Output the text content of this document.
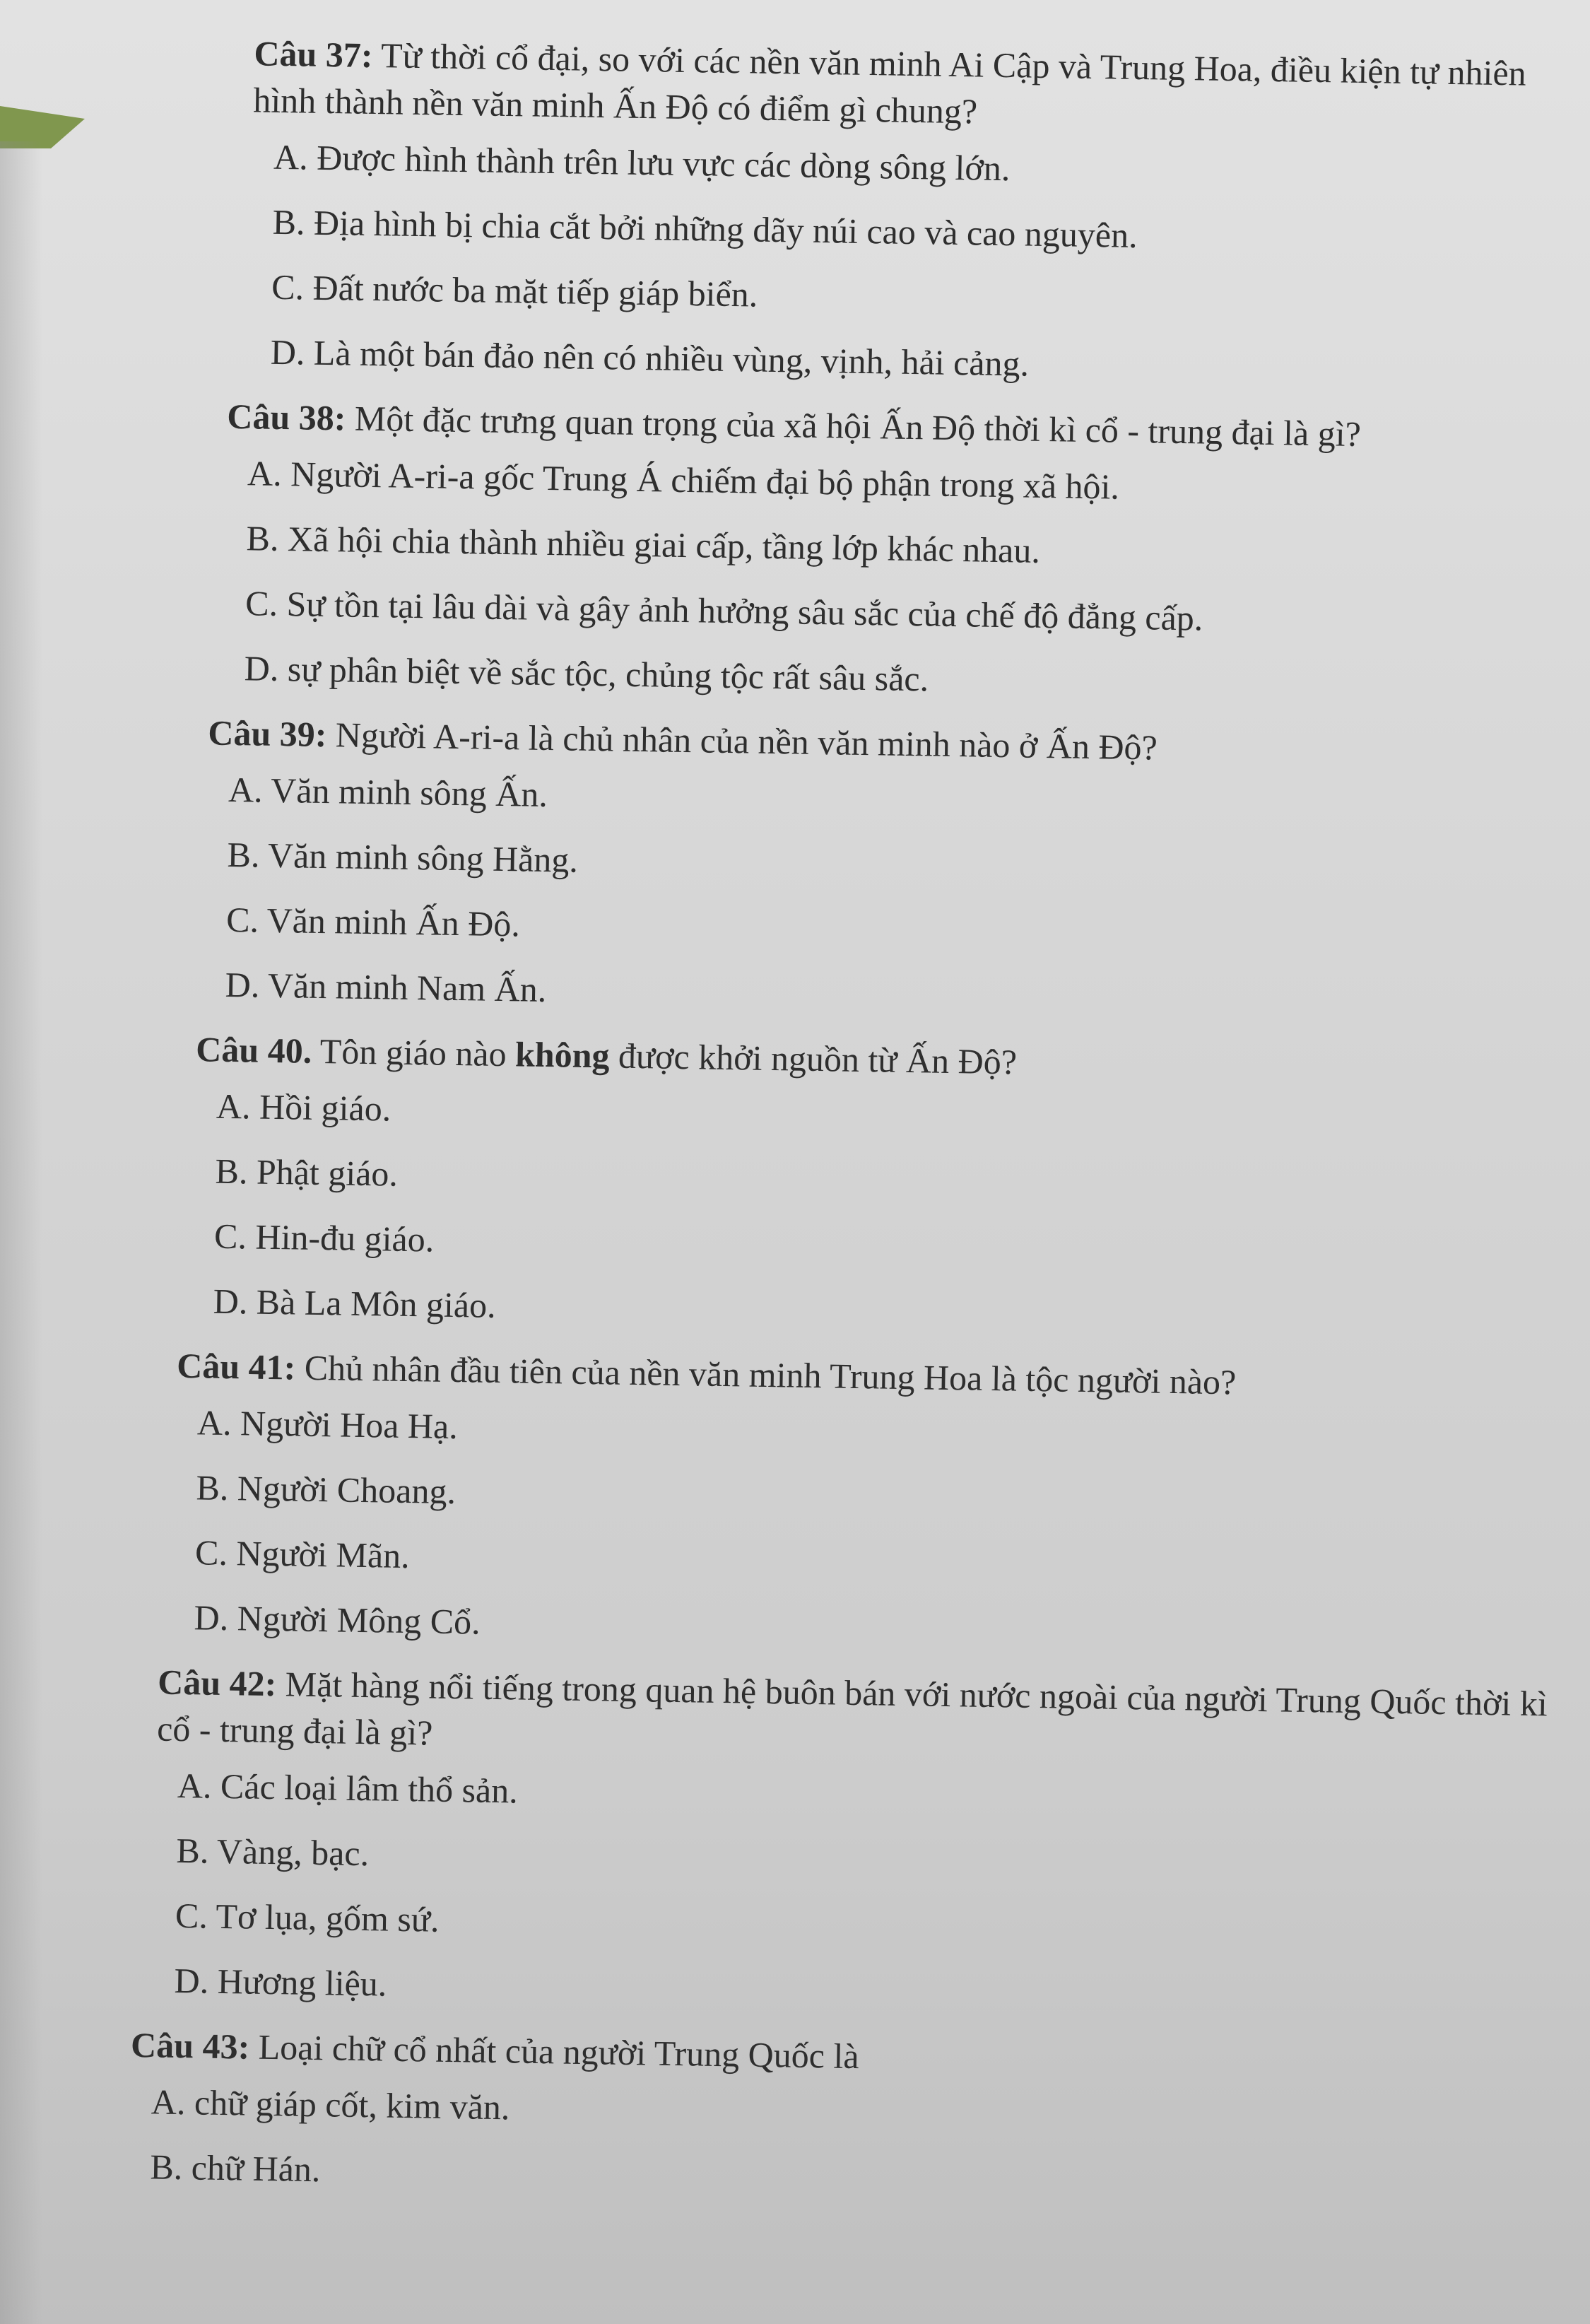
Câu 37: Từ thời cổ đại, so với các nền văn minh Ai Cập và Trung Hoa, điều kiện tự nhiên hình thành nền văn minh Ấn Độ có điểm gì chung?

A. Được hình thành trên lưu vực các dòng sông lớn.

B. Địa hình bị chia cắt bởi những dãy núi cao và cao nguyên.

C. Đất nước ba mặt tiếp giáp biển.

D. Là một bán đảo nên có nhiều vùng, vịnh, hải cảng.

Câu 38: Một đặc trưng quan trọng của xã hội Ấn Độ thời kì cổ - trung đại là gì?

A. Người A-ri-a gốc Trung Á chiếm đại bộ phận trong xã hội.

B. Xã hội chia thành nhiều giai cấp, tầng lớp khác nhau.

C. Sự tồn tại lâu dài và gây ảnh hưởng sâu sắc của chế độ đẳng cấp.

D. sự phân biệt về sắc tộc, chủng tộc rất sâu sắc.

Câu 39: Người A-ri-a là chủ nhân của nền văn minh nào ở Ấn Độ?

A. Văn minh sông Ấn.

B. Văn minh sông Hằng.

C. Văn minh Ấn Độ.

D. Văn minh Nam Ấn.

Câu 40. Tôn giáo nào không được khởi nguồn từ Ấn Độ?

A. Hồi giáo.

B. Phật giáo.

C. Hin-đu giáo.

D. Bà La Môn giáo.

Câu 41: Chủ nhân đầu tiên của nền văn minh Trung Hoa là tộc người nào?

A. Người Hoa Hạ.

B. Người Choang.

C. Người Mãn.

D. Người Mông Cổ.

Câu 42: Mặt hàng nổi tiếng trong quan hệ buôn bán với nước ngoài của người Trung Quốc thời kì cổ - trung đại là gì?

A. Các loại lâm thổ sản.

B. Vàng, bạc.

C. Tơ lụa, gốm sứ.

D. Hương liệu.

Câu 43: Loại chữ cổ nhất của người Trung Quốc là

A. chữ giáp cốt, kim văn.

B. chữ Hán.
